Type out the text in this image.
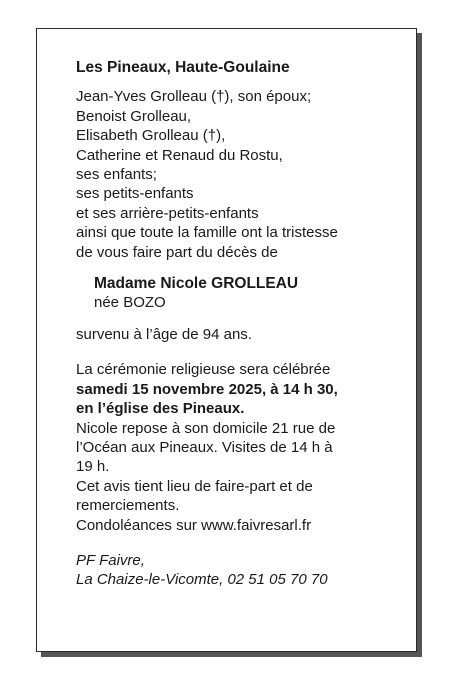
Les Pineaux, Haute-Goulaine
Jean-Yves Grolleau (†), son époux;
Benoist Grolleau,
Elisabeth Grolleau (†),
Catherine et Renaud du Rostu,
ses enfants;
ses petits-enfants
et ses arrière-petits-enfants
ainsi que toute la famille ont la tristesse
de vous faire part du décès de
Madame Nicole GROLLEAU
née BOZO
survenu à l’âge de 94 ans.
La cérémonie religieuse sera célébrée
samedi 15 novembre 2025, à 14 h 30,
en l’église des Pineaux.
Nicole repose à son domicile 21 rue de
l’Océan aux Pineaux. Visites de 14 h à
19 h.
Cet avis tient lieu de faire-part et de
remerciements.
Condoléances sur www.faivresarl.fr
PF Faivre,
La Chaize-le-Vicomte, 02 51 05 70 70
